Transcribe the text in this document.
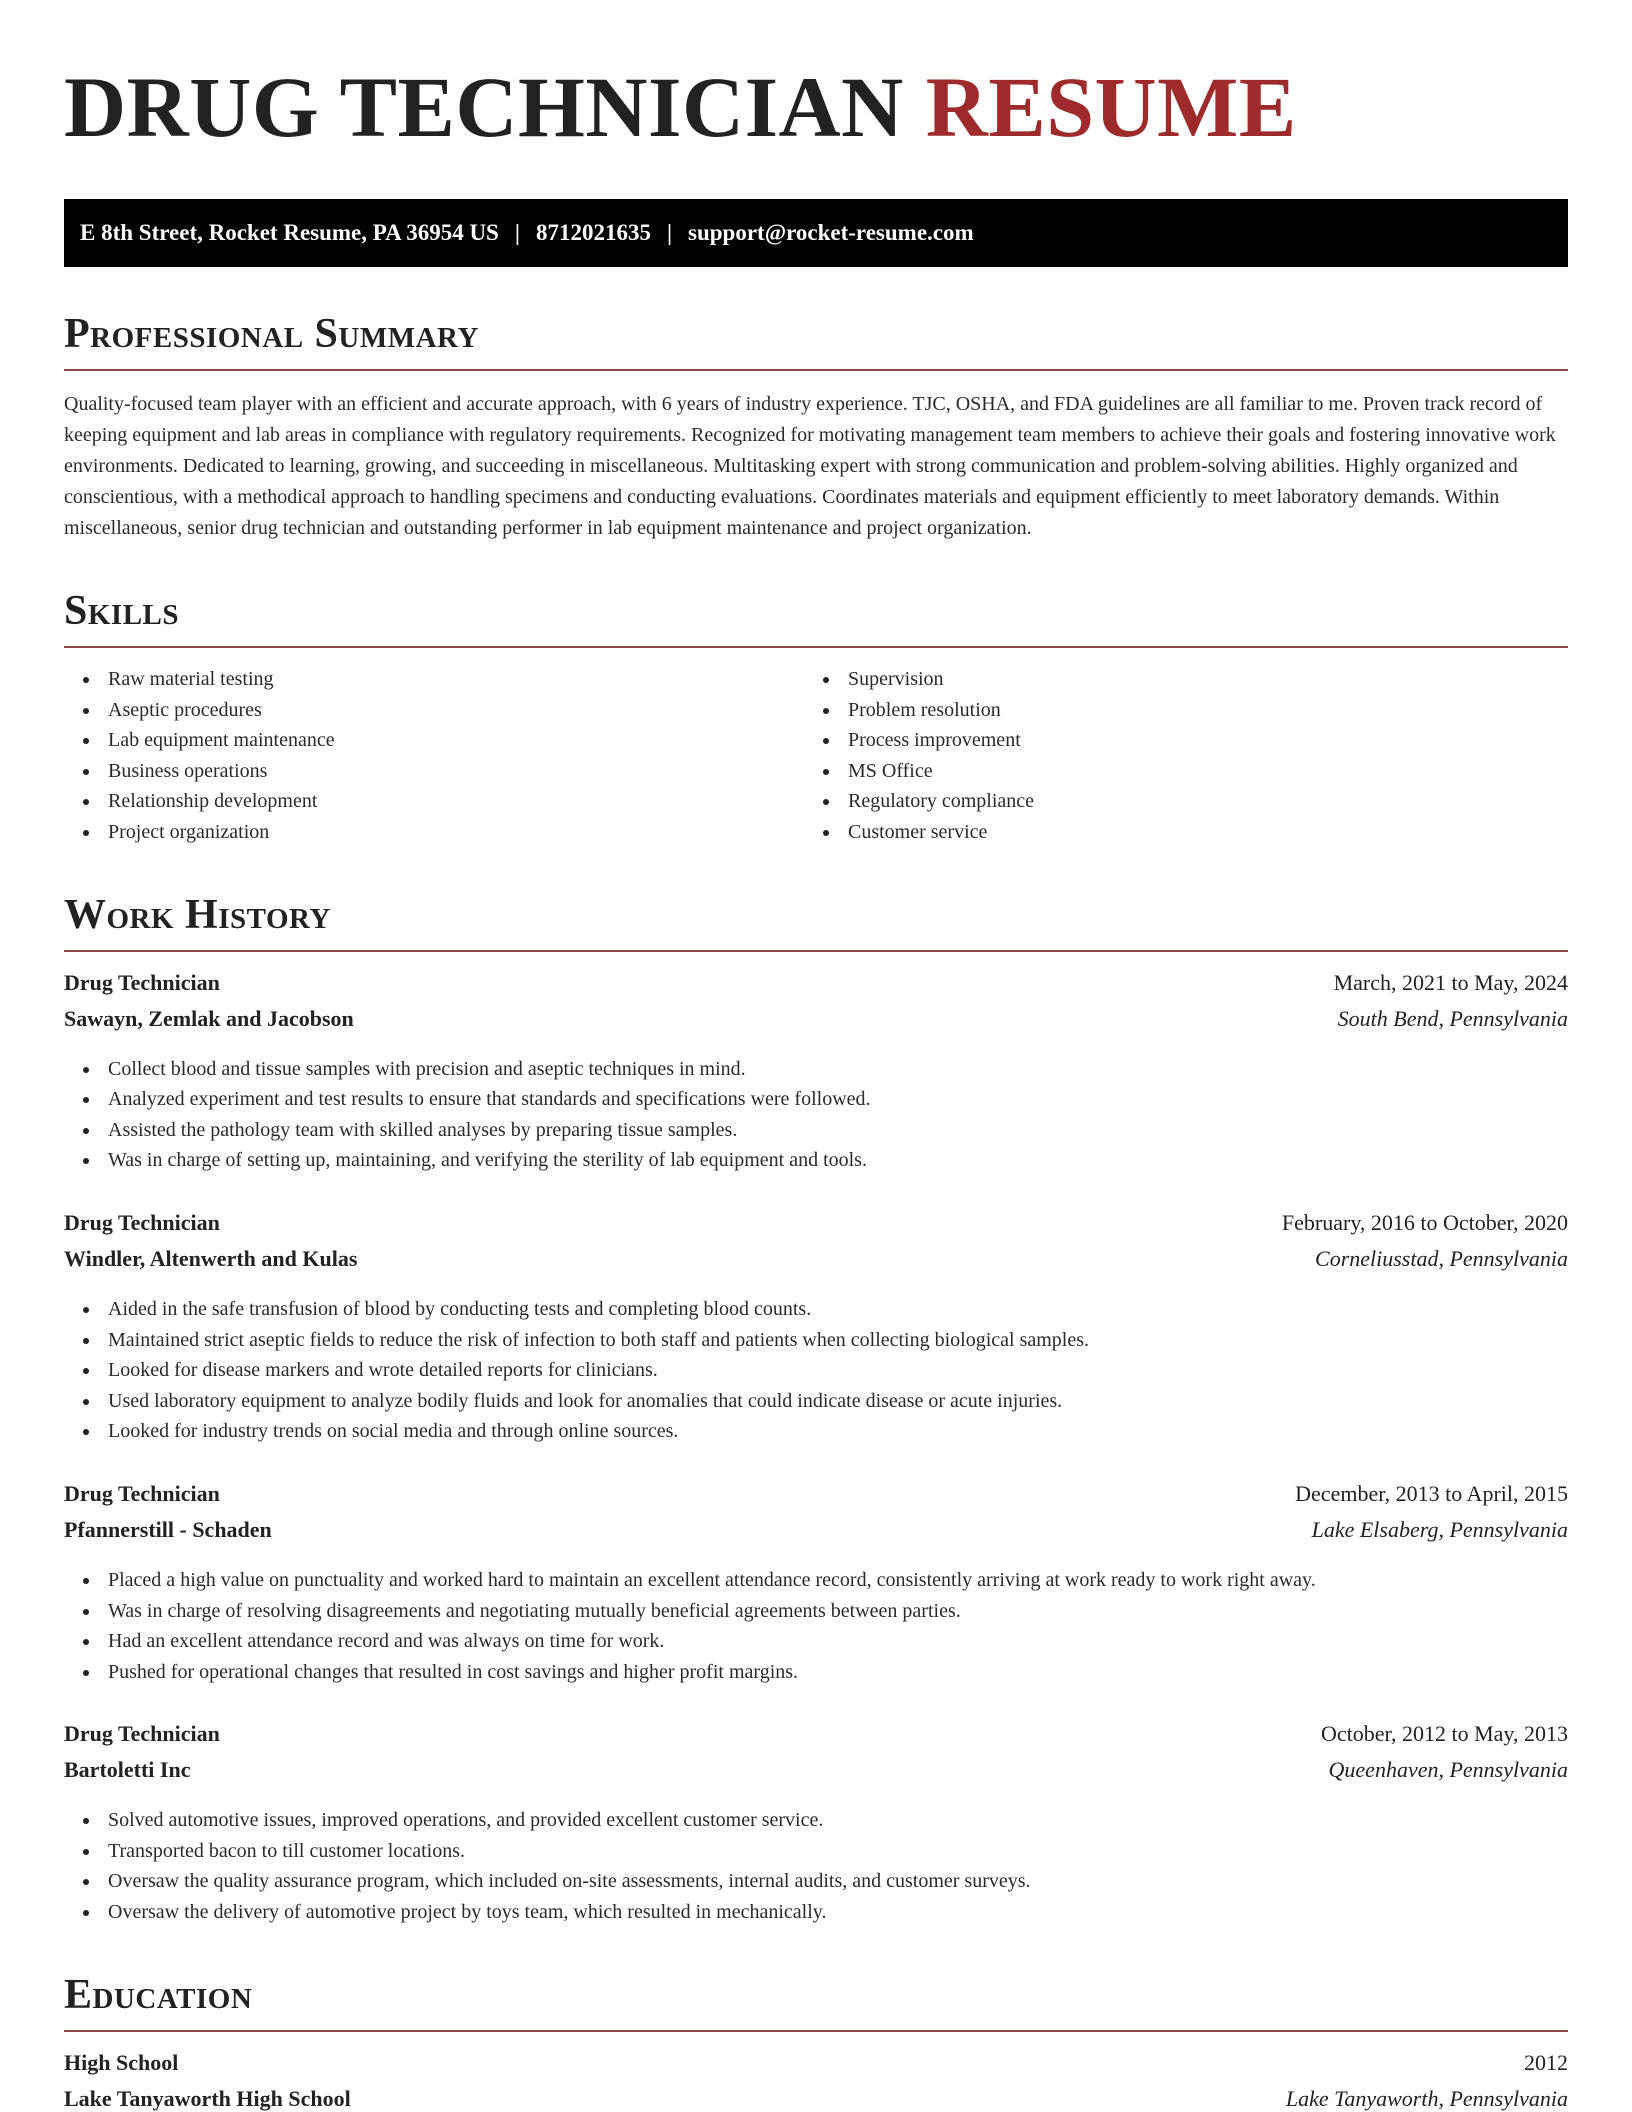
DRUG TECHNICIAN RESUME
E 8th Street, Rocket Resume, PA 36954 US | 8712021635 | support@rocket-resume.com
Professional Summary

Quality-focused team player with an efficient and accurate approach, with 6 years of industry experience. TJC, OSHA, and FDA guidelines are all familiar to me. Proven track record of keeping equipment and lab areas in compliance with regulatory requirements. Recognized for motivating management team members to achieve their goals and fostering innovative work environments. Dedicated to learning, growing, and succeeding in miscellaneous. Multitasking expert with strong communication and problem-solving abilities. Highly organized and conscientious, with a methodical approach to handling specimens and conducting evaluations. Coordinates materials and equipment efficiently to meet laboratory demands. Within miscellaneous, senior drug technician and outstanding performer in lab equipment maintenance and project organization.

Skills
Raw material testing
Aseptic procedures
Lab equipment maintenance
Business operations
Relationship development
Project organization
Supervision
Problem resolution
Process improvement
MS Office
Regulatory compliance
Customer service
Work History
Drug Technician	March, 2021 to May, 2024
Sawayn, Zemlak and Jacobson	South Bend, Pennsylvania
Collect blood and tissue samples with precision and aseptic techniques in mind.
Analyzed experiment and test results to ensure that standards and specifications were followed.
Assisted the pathology team with skilled analyses by preparing tissue samples.
Was in charge of setting up, maintaining, and verifying the sterility of lab equipment and tools.
Drug Technician	February, 2016 to October, 2020
Windler, Altenwerth and Kulas	Corneliusstad, Pennsylvania
Aided in the safe transfusion of blood by conducting tests and completing blood counts.
Maintained strict aseptic fields to reduce the risk of infection to both staff and patients when collecting biological samples.
Looked for disease markers and wrote detailed reports for clinicians.
Used laboratory equipment to analyze bodily fluids and look for anomalies that could indicate disease or acute injuries.
Looked for industry trends on social media and through online sources.
Drug Technician	December, 2013 to April, 2015
Pfannerstill - Schaden	Lake Elsaberg, Pennsylvania
Placed a high value on punctuality and worked hard to maintain an excellent attendance record, consistently arriving at work ready to work right away.
Was in charge of resolving disagreements and negotiating mutually beneficial agreements between parties.
Had an excellent attendance record and was always on time for work.
Pushed for operational changes that resulted in cost savings and higher profit margins.
Drug Technician	October, 2012 to May, 2013
Bartoletti Inc	Queenhaven, Pennsylvania
Solved automotive issues, improved operations, and provided excellent customer service.
Transported bacon to till customer locations.
Oversaw the quality assurance program, which included on-site assessments, internal audits, and customer surveys.
Oversaw the delivery of automotive project by toys team, which resulted in mechanically.
Education
High School	2012
Lake Tanyaworth High School	Lake Tanyaworth, Pennsylvania
